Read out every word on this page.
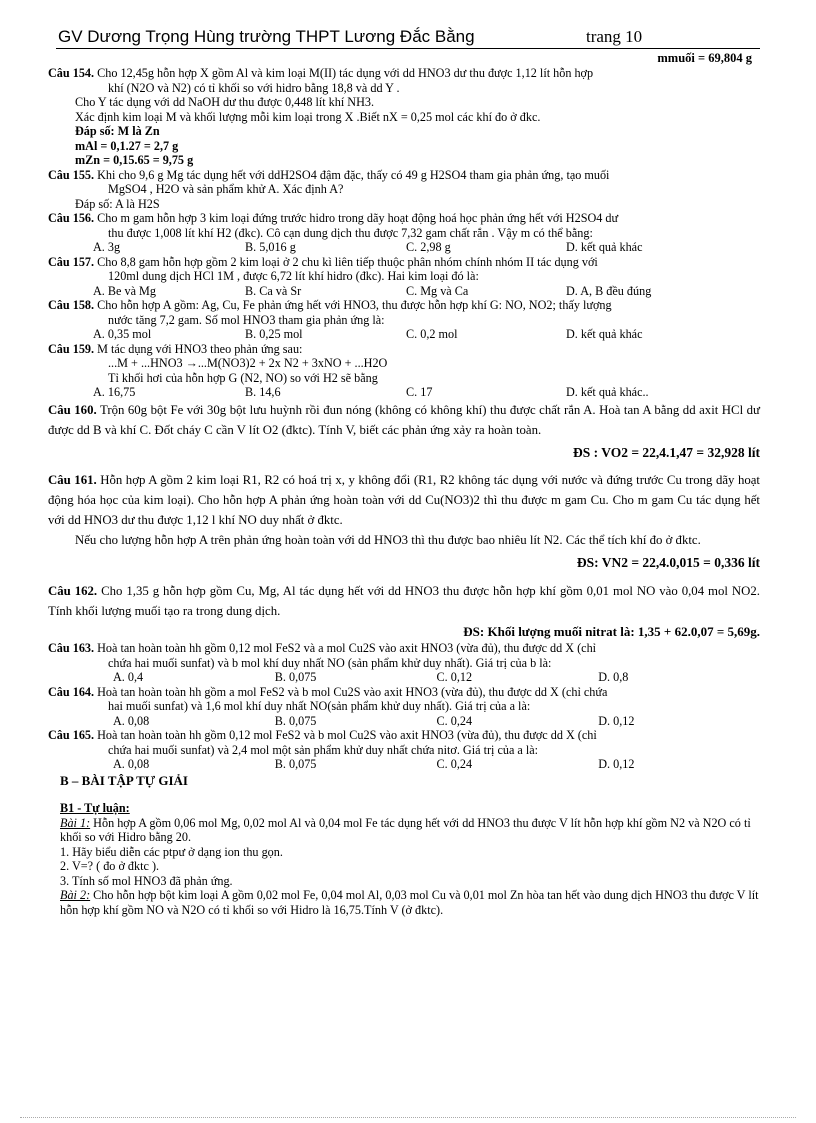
GV Dương Trọng Hùng trường THPT Lương Đắc Bằng	trang 10
mmuối = 69,804 g

Câu 154. Cho 12,45g hỗn hợp X gồm Al và kim loại M(II) tác dụng với dd HNO3 dư thu được 1,12 lít hỗn hợp

khí (N2O và N2) có tỉ khối so với hidro bằng 18,8 và dd Y .

Cho Y tác dụng với dd NaOH dư thu được 0,448 lít khí NH3.

Xác định kim loại M và khối lượng mỗi kim loại trong X .Biết nX = 0,25 mol các khí đo ở đkc.

Đáp số: M là Zn

mAl = 0,1.27 = 2,7 g

mZn = 0,15.65 = 9,75 g

Câu 155. Khi cho 9,6 g Mg tác dụng hết với ddH2SO4 đậm đặc, thấy có 49 g H2SO4 tham gia phản ứng, tạo muối

MgSO4 , H2O và sản phẩm khử A. Xác định A?

Đáp số: A là H2S

Câu 156. Cho m gam hỗn hợp 3 kim loại đứng trước hidro trong dãy hoạt động hoá học phản ứng hết với H2SO4 dư

thu được 1,008 lít khí H2 (đkc). Cô cạn dung dịch thu được 7,32 gam chất rắn . Vậy m có thể bằng:

A. 3g	B. 5,016 g	C. 2,98 g	D. kết quả khác

Câu 157. Cho 8,8 gam hỗn hợp gồm 2 kim loại ở 2 chu kì liên tiếp thuộc phân nhóm chính nhóm II tác dụng với

120ml dung dịch HCl 1M , được 6,72 lít khí hidro (đkc). Hai kim loại đó là:

A. Be và Mg	B. Ca và Sr	C. Mg và Ca	D. A, B đều đúng

Câu 158. Cho hỗn hợp A gồm: Ag, Cu, Fe phản ứng hết với HNO3, thu được hỗn hợp khí G: NO, NO2; thấy lượng

nước tăng 7,2 gam. Số mol HNO3 tham gia phản ứng là:

A. 0,35 mol	B. 0,25 mol	C. 0,2 mol	D. kết quả khác

Câu 159. M tác dụng với HNO3 theo phản ứng sau:

...M + ...HNO3 →...M(NO3)2 + 2x N2 + 3xNO + ...H2O

Tỉ khối hơi của hỗn hợp G (N2, NO) so với H2 sẽ bằng

A. 16,75	B. 14,6	C. 17	D. kết quả khác..

Câu 160. Trộn 60g bột Fe với 30g bột lưu huỳnh rồi đun nóng (không có không khí) thu được chất rắn A. Hoà tan A bằng dd axit HCl dư được dd B và khí C. Đốt cháy C cần V lít O2 (đktc). Tính V, biết các phản ứng xảy ra hoàn toàn.

ĐS : VO2 = 22,4.1,47 = 32,928 lít

Câu 161. Hỗn hợp A gồm 2 kim loại R1, R2 có hoá trị x, y không đổi (R1, R2 không tác dụng với nước và đứng trước Cu trong dãy hoạt động hóa học của kim loại). Cho hỗn hợp A phản ứng hoàn toàn với dd Cu(NO3)2 thì thu được m gam Cu. Cho m gam Cu tác dụng hết với dd HNO3 dư thu được 1,12 l khí NO duy nhất ở đktc.

Nếu cho lượng hỗn hợp A trên phản ứng hoàn toàn với dd HNO3 thì thu được bao nhiêu lít N2. Các thể tích khí đo ở đktc.

ĐS: VN2 = 22,4.0,015 = 0,336 lít

Câu 162. Cho 1,35 g hỗn hợp gồm Cu, Mg, Al tác dụng hết với dd HNO3 thu được hỗn hợp khí gồm 0,01 mol NO vào 0,04 mol NO2. Tính khối lượng muối tạo ra trong dung dịch.

ĐS: Khối lượng muối nitrat là: 1,35 + 62.0,07 = 5,69g.

Câu 163. Hoà tan hoàn toàn hh gồm 0,12 mol FeS2 và a mol Cu2S vào axit HNO3 (vừa đủ), thu được dd X (chỉ

chứa hai muối sunfat) và b mol khí duy nhất NO (sản phẩm khử duy nhất). Giá trị của b là:

A. 0,4	B. 0,075	C. 0,12	D. 0,8

Câu 164. Hoà tan hoàn toàn hh gồm a mol FeS2 và b mol Cu2S vào axit HNO3 (vừa đủ), thu được dd X (chỉ chứa

hai muối sunfat) và 1,6 mol khí duy nhất NO(sản phẩm khử duy nhất). Giá trị của a là:

A. 0,08	B. 0,075	C. 0,24	D. 0,12

Câu 165. Hoà tan hoàn toàn hh gồm 0,12 mol FeS2 và b mol Cu2S vào axit HNO3 (vừa đủ), thu được dd X (chỉ

chứa hai muối sunfat) và 2,4 mol một sản phẩm khử duy nhất chứa nitơ. Giá trị của a là:

A. 0,08	B. 0,075	C. 0,24	D. 0,12

B – BÀI TẬP TỰ GIẢI

B1 - Tự luận:

Bài 1: Hỗn hợp A gồm 0,06 mol Mg, 0,02 mol Al và 0,04 mol Fe tác dụng hết với dd HNO3 thu được V lít hỗn hợp khí gồm N2 và N2O có tỉ khối so với Hidro bằng 20.

1. Hãy biểu diễn các ptpư ở dạng ion thu gọn.

2. V=? ( đo ở đktc ).

3. Tính số mol HNO3 đã phản ứng.

Bài 2: Cho hỗn hợp bột kim loại A gồm 0,02 mol Fe, 0,04 mol Al, 0,03 mol Cu và 0,01 mol Zn hòa tan hết vào dung dịch HNO3 thu được V lít hỗn hợp khí gồm NO và N2O có tỉ khối so với Hidro là 16,75.Tính V (ở đktc).
